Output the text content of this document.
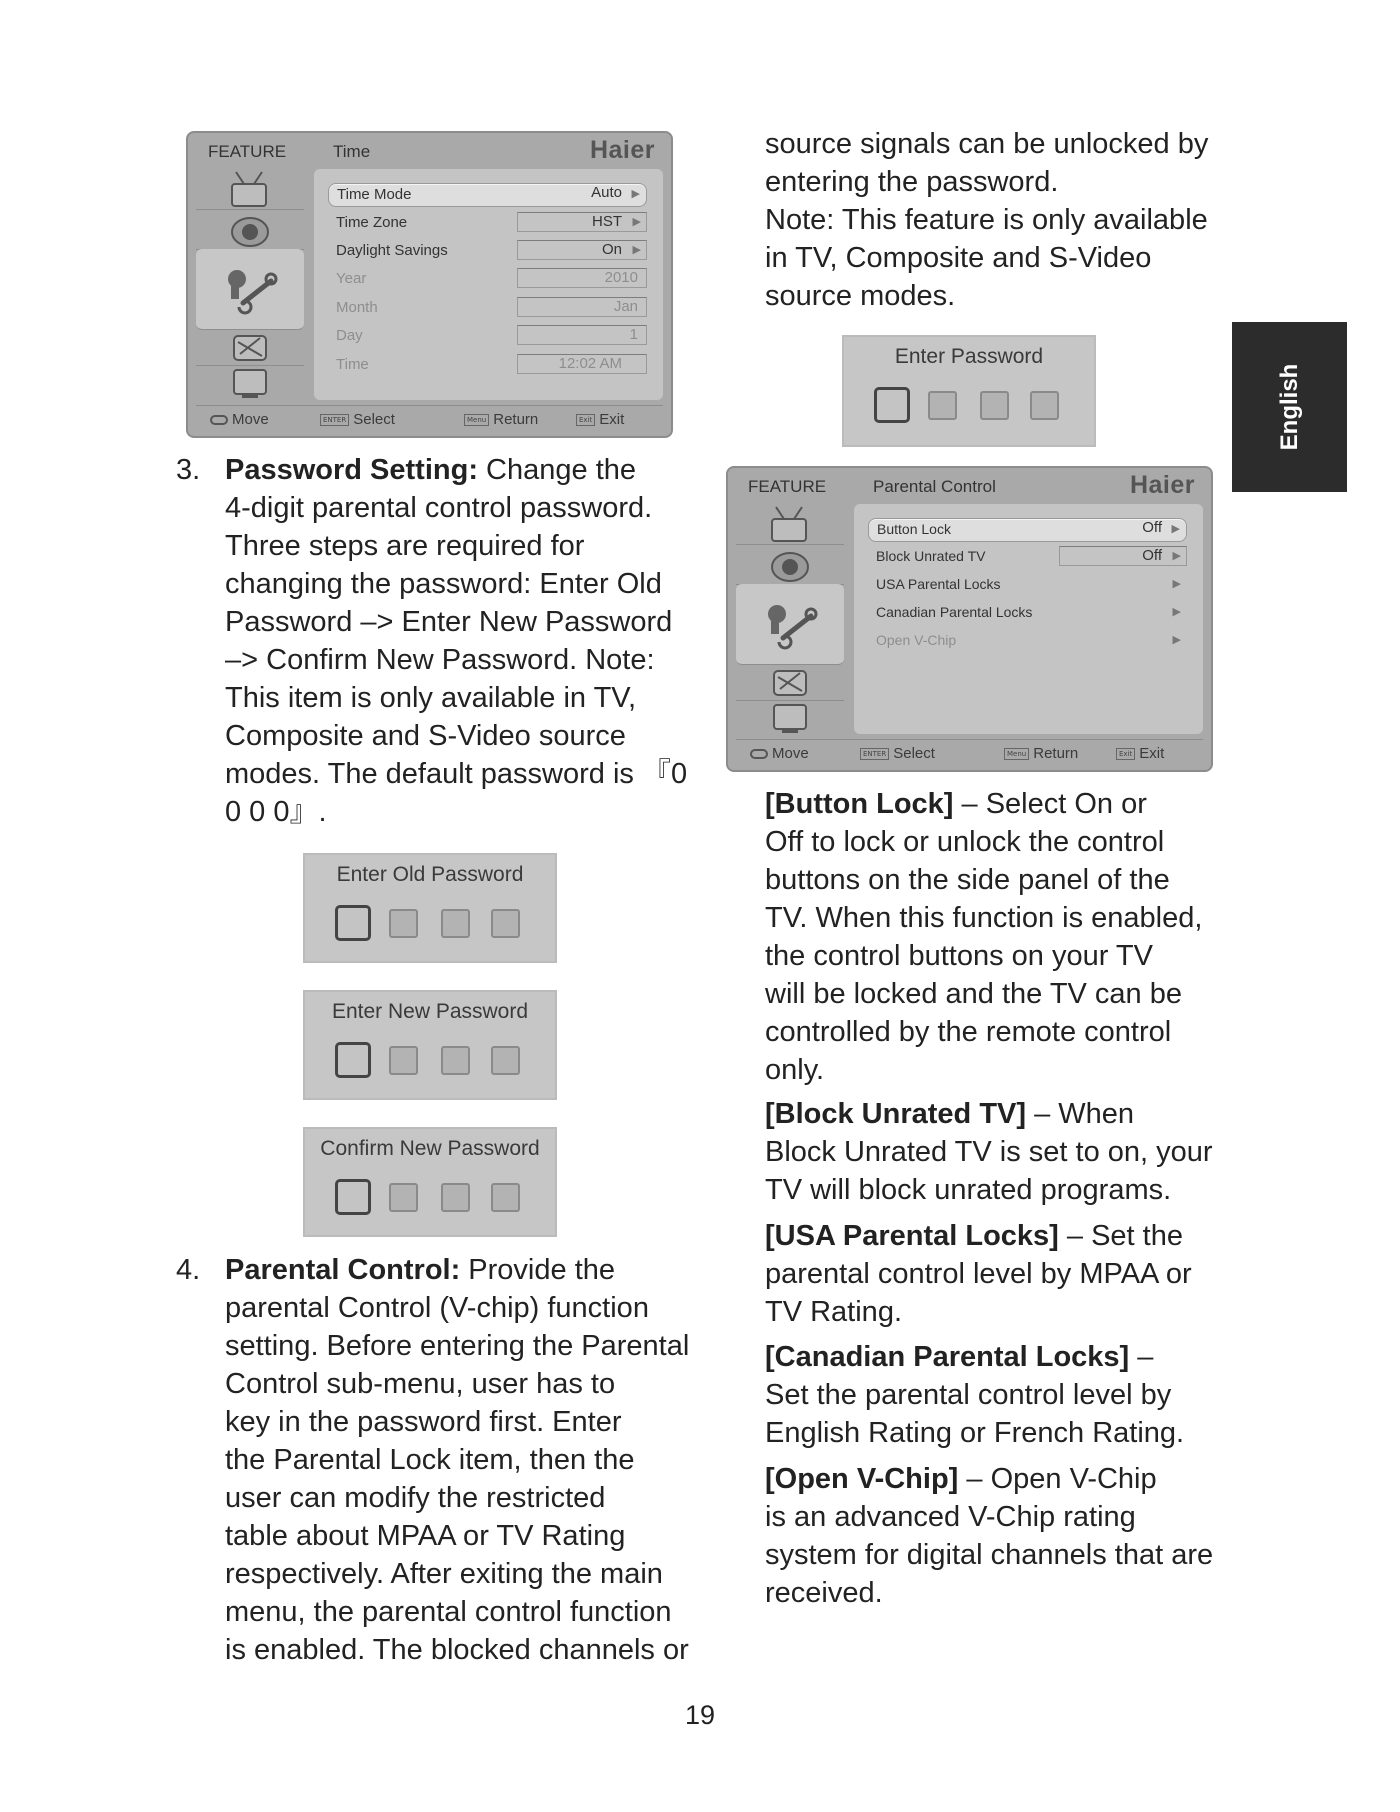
FEATURE	Time	Haier
Time Mode	Auto ▶
Time Zone	HST ▶
Daylight Savings	On ▶
Year	2010
Month	Jan
Day	1
Time	12:02 AM
Move	ENTER Select	Menu Return	Exit Exit
3. Password Setting: Change the
4-digit parental control password.
Three steps are required for
changing the password: Enter Old
Password –> Enter New Password
–> Confirm New Password. Note:
This item is only available in TV,
Composite and S-Video source
modes. The default password is 『0
0 0 0』.
Enter Old Password
Enter New Password
Confirm New Password
4. Parental Control: Provide the
parental Control (V-chip) function
setting. Before entering the Parental
Control sub-menu, user has to
key in the password first. Enter
the Parental Lock item, then the
user can modify the restricted
table about MPAA or TV Rating
respectively. After exiting the main
menu, the parental control function
is enabled. The blocked channels or
source signals can be unlocked by
entering the password.
Note: This feature is only available
in TV, Composite and S-Video
source modes.
Enter Password
FEATURE	Parental Control	Haier
Button Lock	Off ▶
Block Unrated TV	Off ▶
USA Parental Locks	▶
Canadian Parental Locks	▶
Open V-Chip	▶
Move	ENTER Select	Menu Return	Exit Exit
[Button Lock] – Select On or
Off to lock or unlock the control
buttons on the side panel of the
TV. When this function is enabled,
the control buttons on your TV
will be locked and the TV can be
controlled by the remote control
only.
[Block Unrated TV] – When
Block Unrated TV is set to on, your
TV will block unrated programs.
[USA Parental Locks] – Set the
parental control level by MPAA or
TV Rating.
[Canadian Parental Locks] –
Set the parental control level by
English Rating or French Rating.
[Open V-Chip] – Open V-Chip
is an advanced V-Chip rating
system for digital channels that are
received.
English
19
